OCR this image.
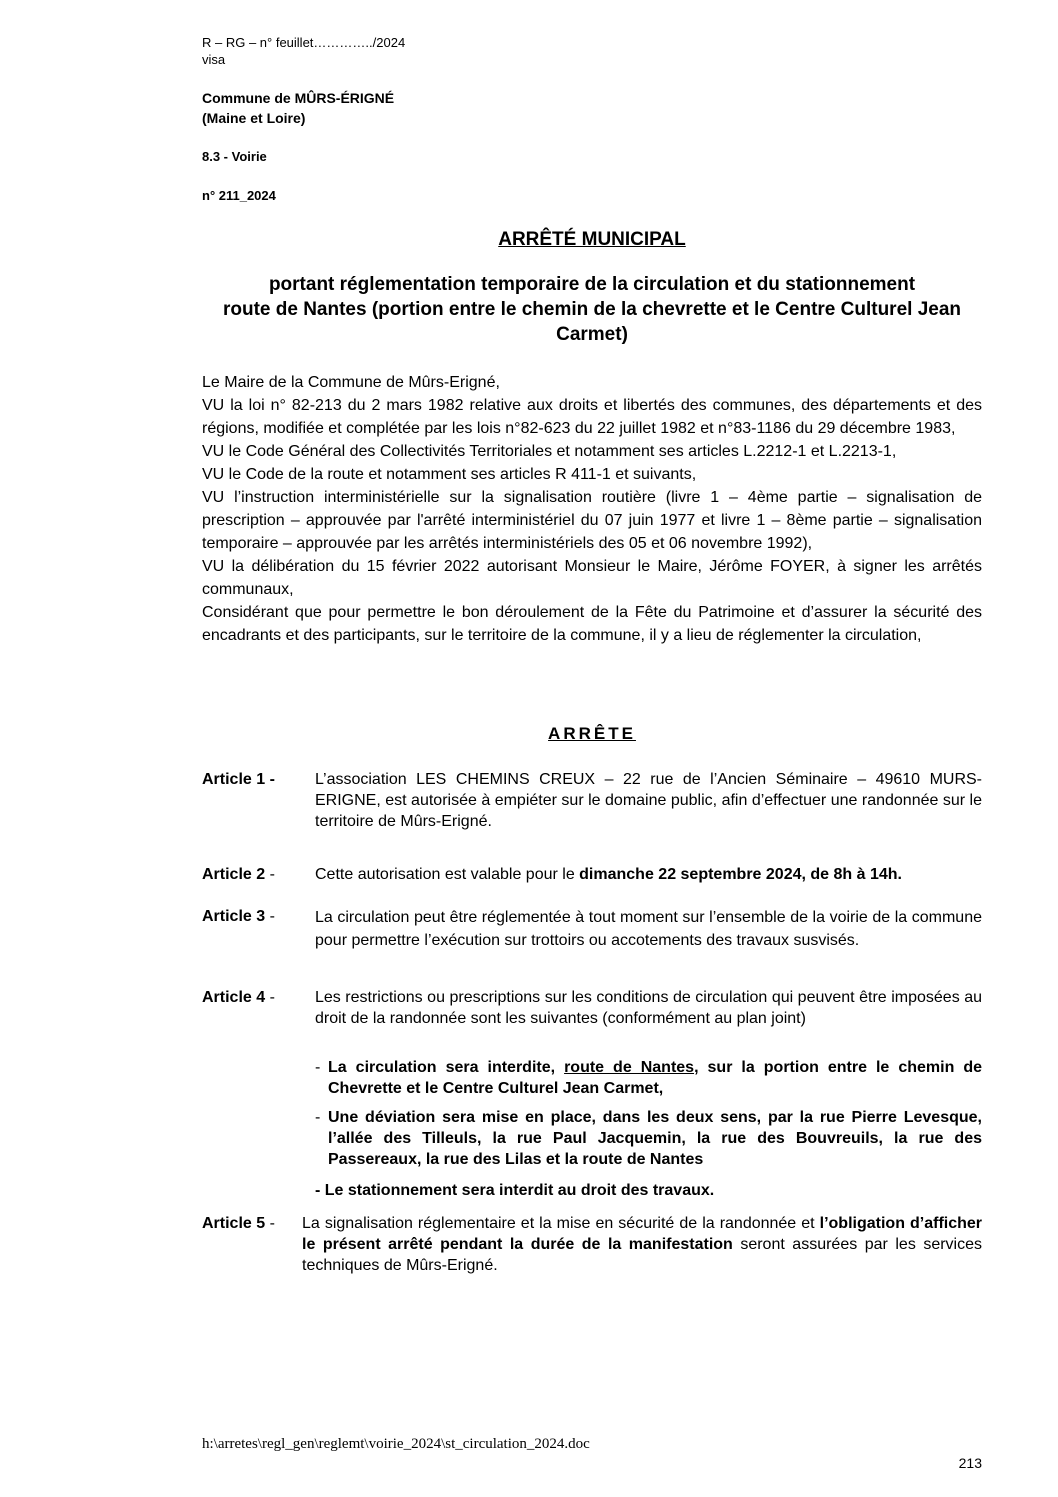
R – RG – n° feuillet…………../2024
visa
Commune de MÛRS-ÉRIGNÉ
(Maine et Loire)
8.3 - Voirie
n° 211_2024
ARRÊTÉ MUNICIPAL
portant réglementation temporaire de la circulation et du stationnement
route de Nantes (portion entre le chemin de la chevrette et le Centre Culturel Jean Carmet)
Le Maire de la Commune de Mûrs-Erigné,
VU la loi n° 82-213 du 2 mars 1982 relative aux droits et libertés des communes, des départements et des régions, modifiée et complétée par les lois n°82-623 du 22 juillet 1982 et n°83-1186 du 29 décembre 1983,
VU le Code Général des Collectivités Territoriales et notamment ses articles L.2212-1 et L.2213-1,
VU le Code de la route et notamment ses articles R 411-1 et suivants,
VU l’instruction interministérielle sur la signalisation routière (livre 1 – 4ème partie – signalisation de prescription – approuvée par l'arrêté interministériel du 07 juin 1977 et livre 1 – 8ème partie – signalisation temporaire – approuvée par les arrêtés interministériels des 05 et 06 novembre 1992),
VU la délibération du 15 février 2022 autorisant Monsieur le Maire, Jérôme FOYER, à signer les arrêtés communaux,
Considérant que pour permettre le bon déroulement de la Fête du Patrimoine et d’assurer la sécurité des encadrants et des participants, sur le territoire de la commune, il y a lieu de réglementer la circulation,
ARRÊTE
Article 1 -	L’association LES CHEMINS CREUX – 22 rue de l’Ancien Séminaire – 49610 MURS-ERIGNE, est autorisée à empiéter sur le domaine public, afin d’effectuer une randonnée sur le territoire de Mûrs-Erigné.
Article 2 -	Cette autorisation est valable pour le dimanche 22 septembre 2024, de 8h à 14h.
Article 3 -	La circulation peut être réglementée à tout moment sur l’ensemble de la voirie de la commune pour permettre l’exécution sur trottoirs ou accotements des travaux susvisés.
Article 4 -	Les restrictions ou prescriptions sur les conditions de circulation qui peuvent être imposées au droit de la randonnée sont les suivantes (conformément au plan joint)
- La circulation sera interdite, route de Nantes, sur la portion entre le chemin de Chevrette et le Centre Culturel Jean Carmet,
- Une déviation sera mise en place, dans les deux sens, par la rue Pierre Levesque, l’allée des Tilleuls, la rue Paul Jacquemin, la rue des Bouvreuils, la rue des Passereaux, la rue des Lilas et la route de Nantes
- Le stationnement sera interdit au droit des travaux.
Article 5 - La signalisation réglementaire et la mise en sécurité de la randonnée et l’obligation d’afficher le présent arrêté pendant la durée de la manifestation seront assurées par les services techniques de Mûrs-Erigné.
h:\arretes\regl_gen\reglemt\voirie_2024\st_circulation_2024.doc
213
